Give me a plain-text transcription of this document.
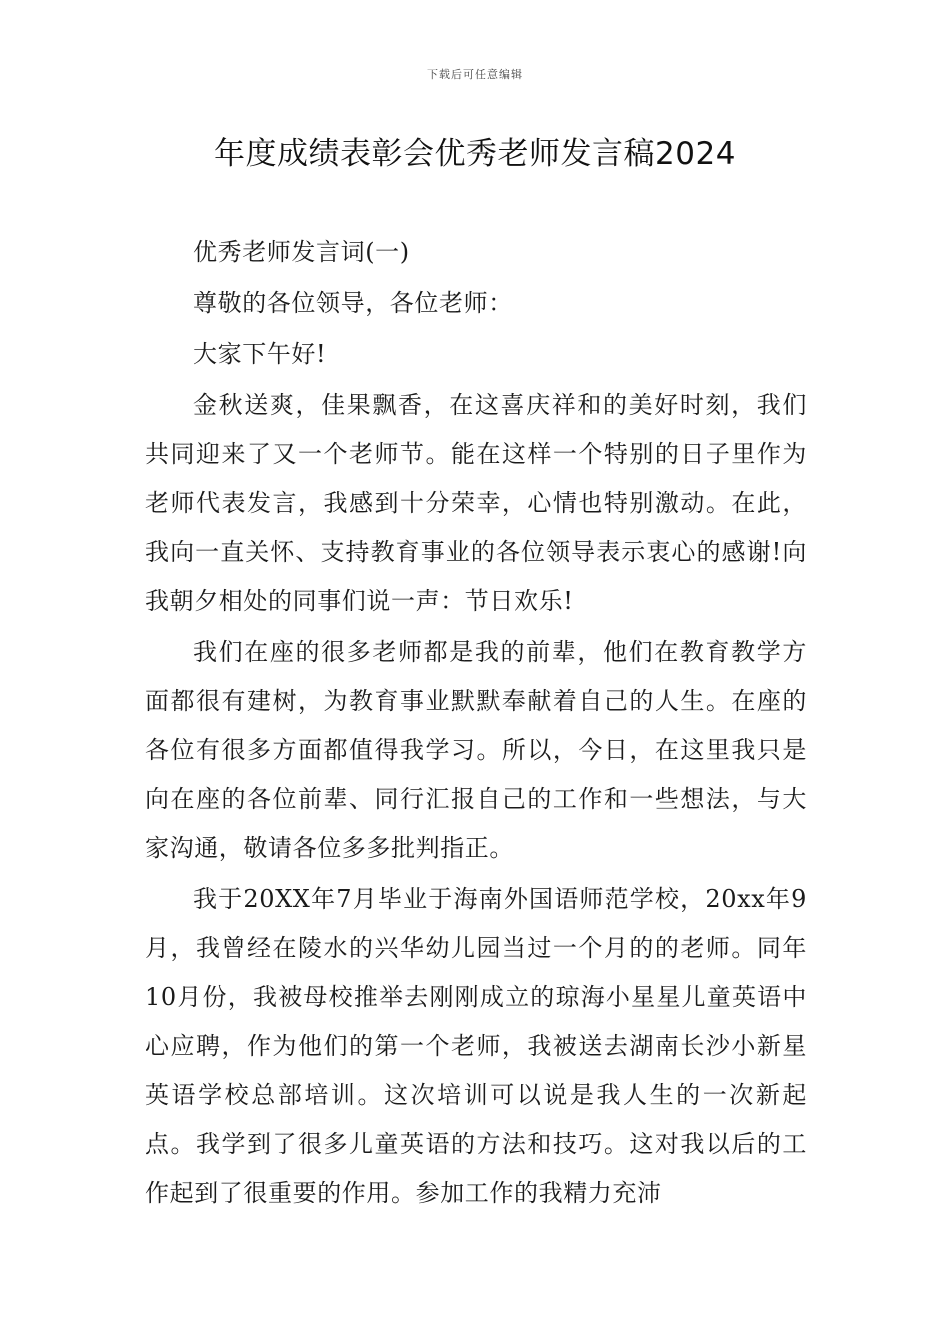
下载后可任意编辑
年度成绩表彰会优秀老师发言稿2024

优秀老师发言词(一)

尊敬的各位领导，各位老师：

大家下午好!

金秋送爽，佳果飘香，在这喜庆祥和的美好时刻，我们共同迎来了又一个老师节。能在这样一个特别的日子里作为老师代表发言，我感到十分荣幸，心情也特别激动。在此，我向一直关怀、支持教育事业的各位领导表示衷心的感谢!向我朝夕相处的同事们说一声：节日欢乐!

我们在座的很多老师都是我的前辈，他们在教育教学方面都很有建树，为教育事业默默奉献着自己的人生。在座的各位有很多方面都值得我学习。所以，今日，在这里我只是向在座的各位前辈、同行汇报自己的工作和一些想法，与大家沟通，敬请各位多多批判指正。

我于20XX年7月毕业于海南外国语师范学校，20xx年9月，我曾经在陵水的兴华幼儿园当过一个月的的老师。同年10月份，我被母校推举去刚刚成立的琼海小星星儿童英语中心应聘，作为他们的第一个老师，我被送去湖南长沙小新星英语学校总部培训。这次培训可以说是我人生的一次新起点。我学到了很多儿童英语的方法和技巧。这对我以后的工作起到了很重要的作用。参加工作的我精力充沛
